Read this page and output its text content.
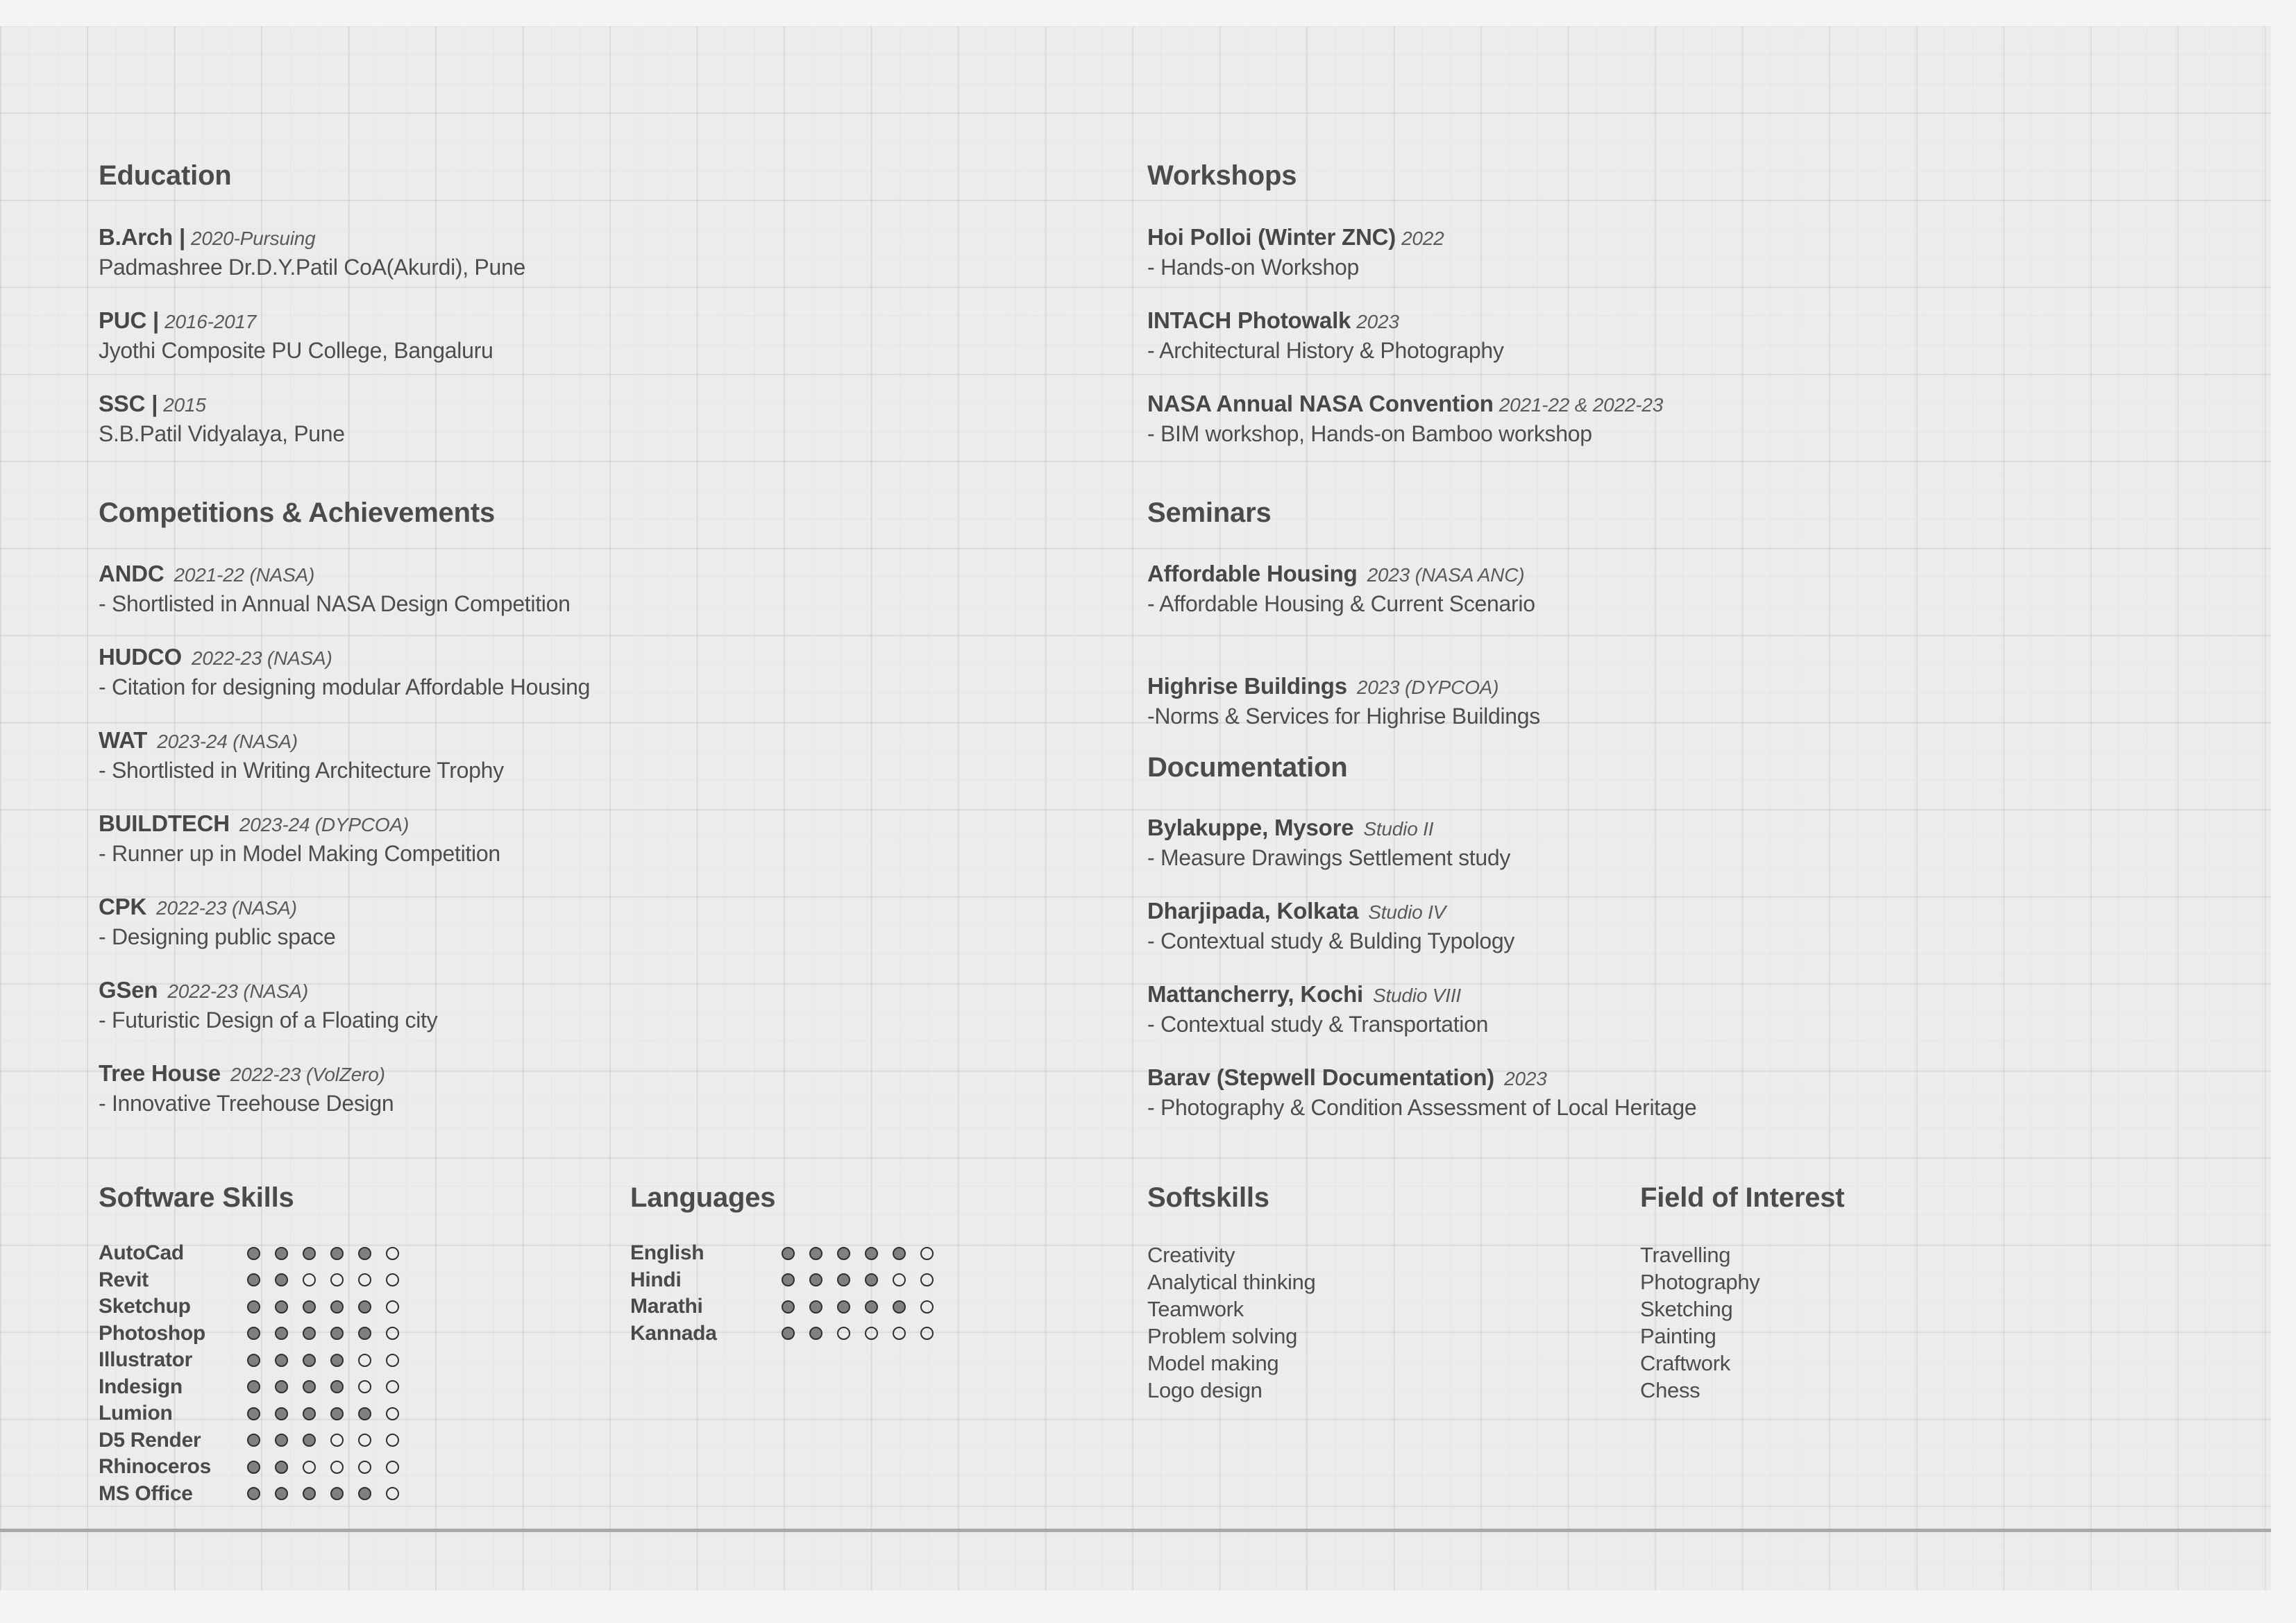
Education
B.Arch | 2020-Pursuing
Padmashree Dr.D.Y.Patil CoA(Akurdi), Pune
PUC | 2016-2017
Jyothi Composite PU College, Bangaluru
SSC | 2015
S.B.Patil Vidyalaya, Pune
Competitions & Achievements
ANDC 2021-22 (NASA)
- Shortlisted in Annual NASA Design Competition
HUDCO 2022-23 (NASA)
- Citation for designing modular Affordable Housing
WAT 2023-24 (NASA)
- Shortlisted in Writing Architecture Trophy
BUILDTECH 2023-24 (DYPCOA)
- Runner up in Model Making Competition
CPK 2022-23 (NASA)
- Designing public space
GSen 2022-23 (NASA)
- Futuristic Design of a Floating city
Tree House 2022-23 (VolZero)
- Innovative Treehouse Design
Workshops
Hoi Polloi (Winter ZNC) 2022
- Hands-on Workshop
INTACH Photowalk 2023
- Architectural History & Photography
NASA Annual NASA Convention 2021-22 & 2022-23
- BIM workshop, Hands-on Bamboo workshop
Seminars
Affordable Housing 2023 (NASA ANC)
- Affordable Housing & Current Scenario
Highrise Buildings 2023 (DYPCOA)
-Norms & Services for Highrise Buildings
Documentation
Bylakuppe, Mysore Studio II
- Measure Drawings Settlement study
Dharjipada, Kolkata Studio IV
- Contextual study & Bulding Typology
Mattancherry, Kochi Studio VIII
- Contextual study & Transportation
Barav (Stepwell Documentation) 2023
- Photography & Condition Assessment of Local Heritage
Software Skills
AutoCad
Revit
Sketchup
Photoshop
Illustrator
Indesign
Lumion
D5 Render
Rhinoceros
MS Office
Languages
English
Hindi
Marathi
Kannada
Softskills
Creativity
Analytical thinking
Teamwork
Problem solving
Model making
Logo design
Field of Interest
Travelling
Photography
Sketching
Painting
Craftwork
Chess
